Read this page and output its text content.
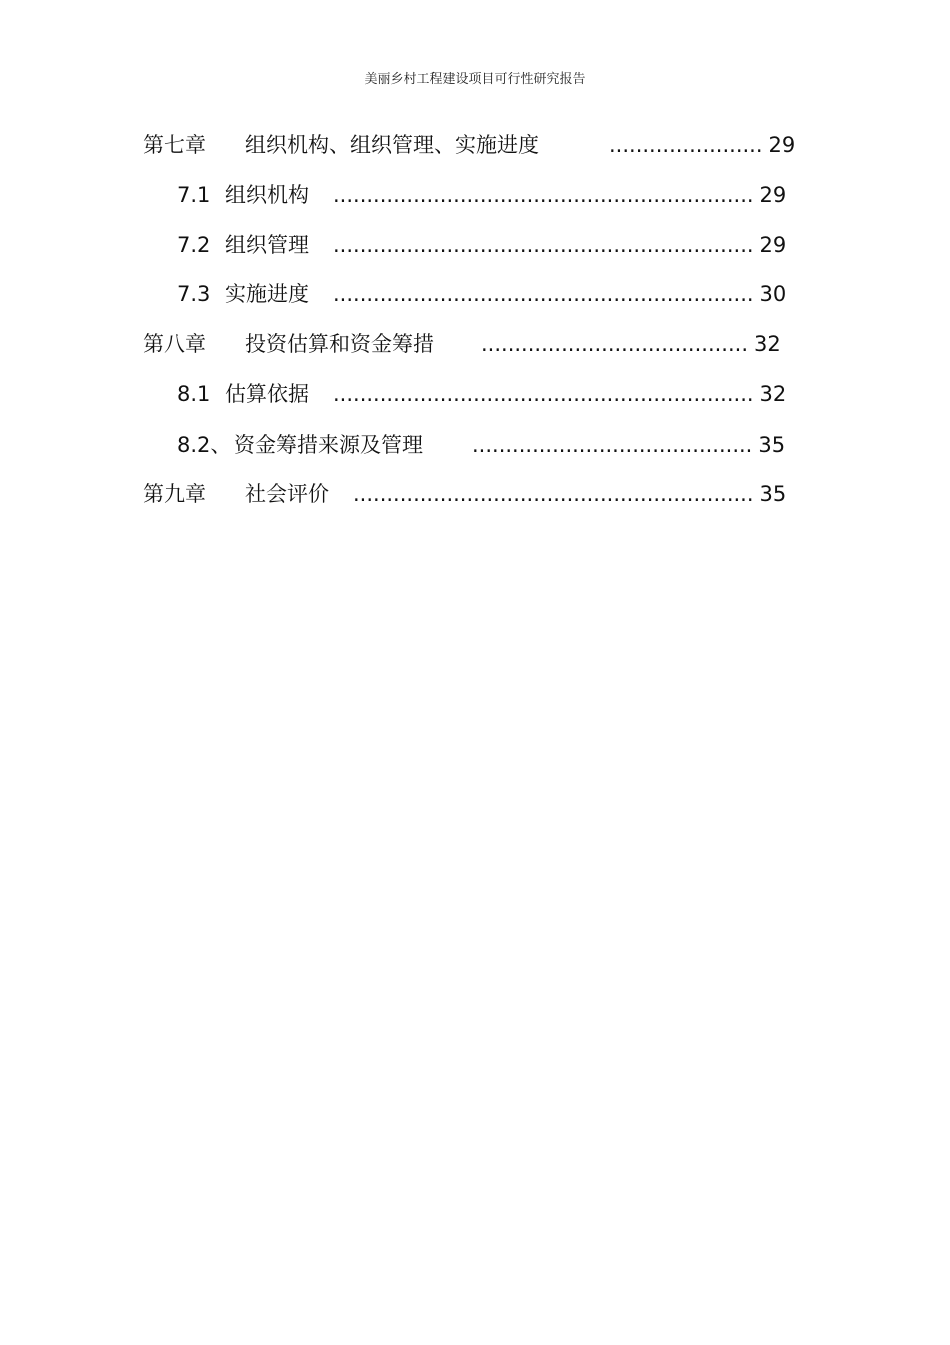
美丽乡村工程建设项目可行性研究报告
第七章 组织机构、组织管理、实施进度	....................... 29
7.1 组织机构 ............................................................... 29
7.2 组织管理 ............................................................... 29
7.3 实施进度 ............................................................... 30
第八章 投资估算和资金筹措 ........................................ 32
8.1 估算依据 ............................................................... 32
8.2、 资金筹措来源及管理 .......................................... 35
第九章 社会评价 ............................................................ 35
